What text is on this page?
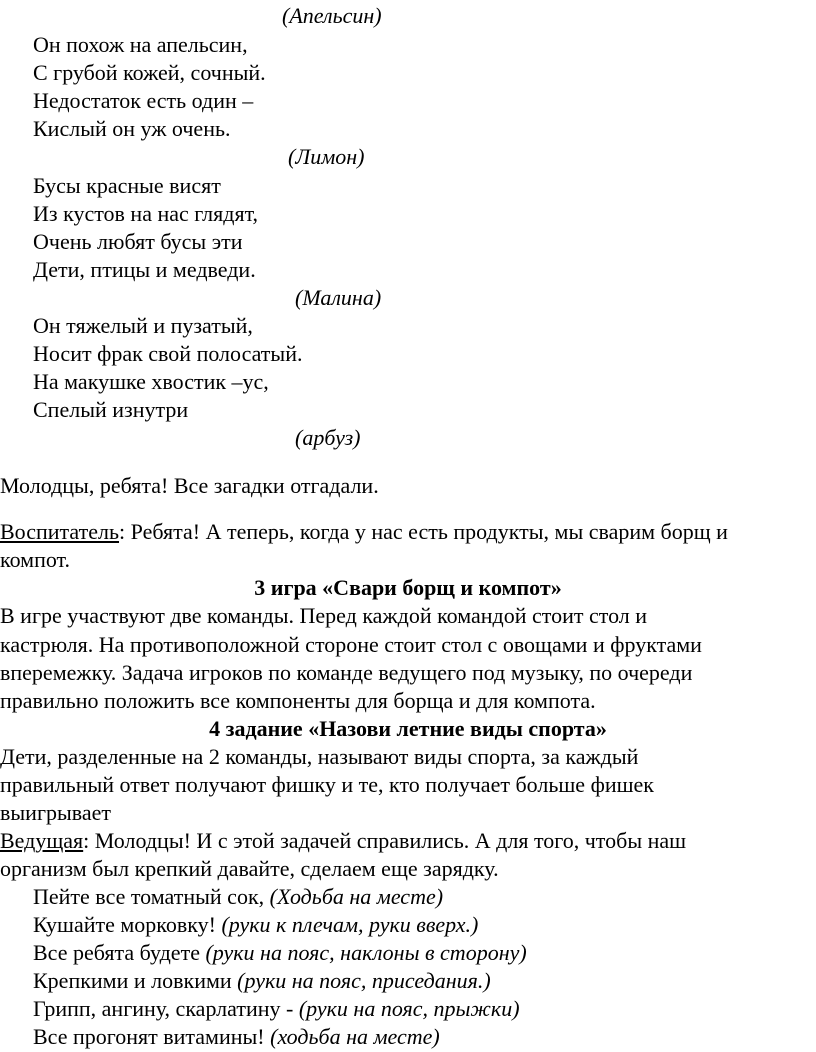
(Апельсин)
Он похож на апельсин,
С грубой кожей, сочный.
Недостаток есть один –
Кислый он уж очень.
(Лимон)
Бусы красные висят
Из кустов на нас глядят,
Очень любят бусы эти
Дети, птицы и медведи.
(Малина)
Он тяжелый и пузатый,
Носит фрак свой полосатый.
На макушке хвостик –ус,
Спелый изнутри
(арбуз)
Молодцы, ребята! Все загадки отгадали.
Воспитатель: Ребята! А теперь, когда у нас есть продукты, мы сварим борщ и
компот.
3 игра «Свари борщ и компот»
В игре участвуют две команды. Перед каждой командой стоит стол и
кастрюля. На противоположной стороне стоит стол с овощами и фруктами
вперемежку. Задача игроков по команде ведущего под музыку, по очереди
правильно положить все компоненты для борща и для компота.
4 задание «Назови летние виды спорта»
Дети, разделенные на 2 команды, называют виды спорта, за каждый
правильный ответ получают фишку и те, кто получает больше фишек
выигрывает
Ведущая: Молодцы! И с этой задачей справились. А для того, чтобы наш
организм был крепкий давайте, сделаем еще зарядку.
Пейте все томатный сок, (Ходьба на месте)
Кушайте морковку! (руки к плечам, руки вверх.)
Все ребята будете (руки на пояс, наклоны в сторону)
Крепкими и ловкими (руки на пояс, приседания.)
Грипп, ангину, скарлатину - (руки на пояс, прыжки)
Все прогонят витамины! (ходьба на месте)
